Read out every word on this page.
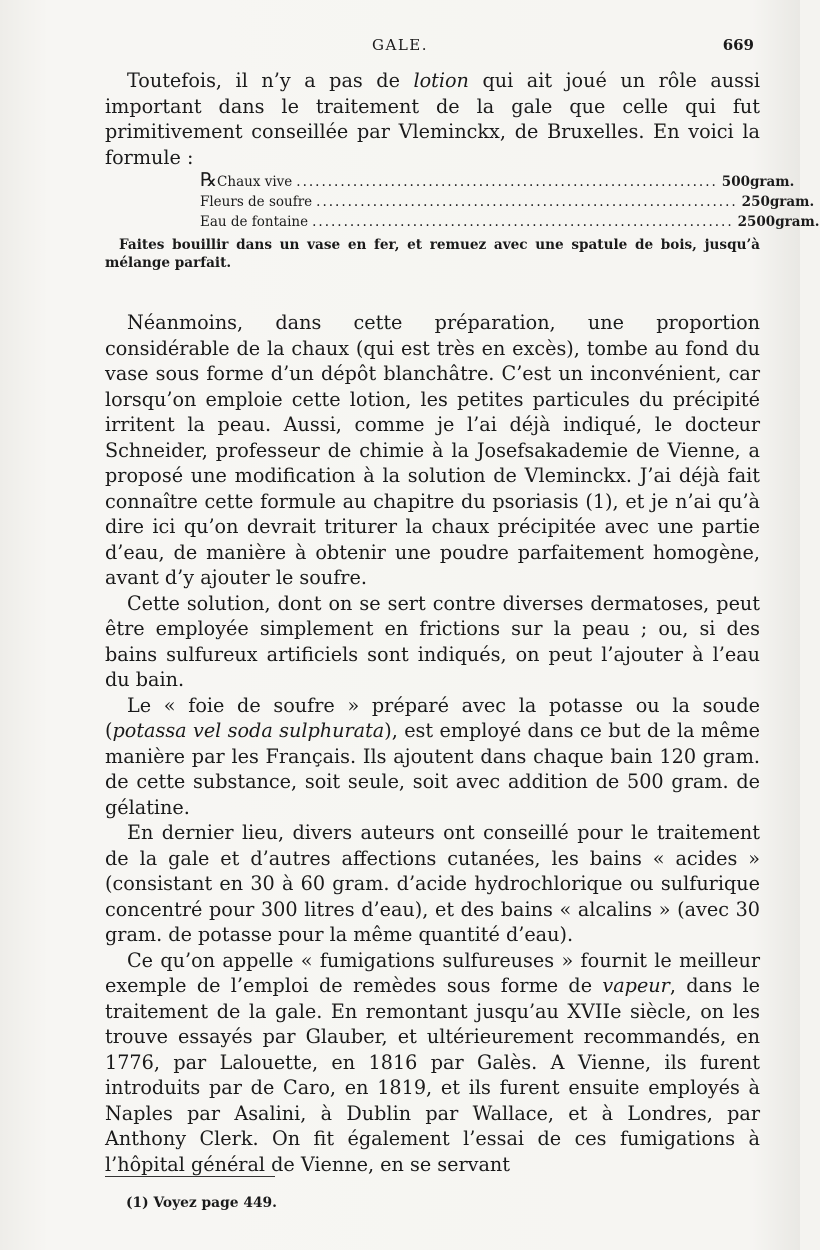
GALE.	669

Toutefois, il n’y a pas de lotion qui ait joué un rôle aussi important dans le traitement de la gale que celle qui fut primitivement conseillée par Vleminckx, de Bruxelles. En voici la formule :

℞ Chaux vive ................................................................... 500 gram.
Fleurs de soufre ................................................................... 250 gram.
Eau de fontaine ................................................................... 2500 gram.

Faites bouillir dans un vase en fer, et remuez avec une spatule de bois, jusqu’à mélange parfait.

Néanmoins, dans cette préparation, une proportion considérable de la chaux (qui est très en excès), tombe au fond du vase sous forme d’un dépôt blanchâtre. C’est un inconvénient, car lorsqu’on emploie cette lotion, les petites particules du précipité irritent la peau. Aussi, comme je l’ai déjà indiqué, le docteur Schneider, professeur de chimie à la Josefsakademie de Vienne, a proposé une modification à la solution de Vleminckx. J’ai déjà fait connaître cette formule au chapitre du psoriasis (1), et je n’ai qu’à dire ici qu’on devrait triturer la chaux précipitée avec une partie d’eau, de manière à obtenir une poudre parfaitement homogène, avant d’y ajouter le soufre.

Cette solution, dont on se sert contre diverses dermatoses, peut être employée simplement en frictions sur la peau ; ou, si des bains sulfureux artificiels sont indiqués, on peut l’ajouter à l’eau du bain.

Le « foie de soufre » préparé avec la potasse ou la soude (potassa vel soda sulphurata), est employé dans ce but de la même manière par les Français. Ils ajoutent dans chaque bain 120 gram. de cette substance, soit seule, soit avec addition de 500 gram. de gélatine.

En dernier lieu, divers auteurs ont conseillé pour le traitement de la gale et d’autres affections cutanées, les bains « acides » (consistant en 30 à 60 gram. d’acide hydrochlorique ou sulfurique concentré pour 300 litres d’eau), et des bains « alcalins » (avec 30 gram. de potasse pour la même quantité d’eau).

Ce qu’on appelle « fumigations sulfureuses » fournit le meilleur exemple de l’emploi de remèdes sous forme de vapeur, dans le traitement de la gale. En remontant jusqu’au XVIIe siècle, on les trouve essayés par Glauber, et ultérieurement recommandés, en 1776, par Lalouette, en 1816 par Galès. A Vienne, ils furent introduits par de Caro, en 1819, et ils furent ensuite employés à Naples par Asalini, à Dublin par Wallace, et à Londres, par Anthony Clerk. On fit également l’essai de ces fumigations à l’hôpital général de Vienne, en se servant

(1) Voyez page 449.
